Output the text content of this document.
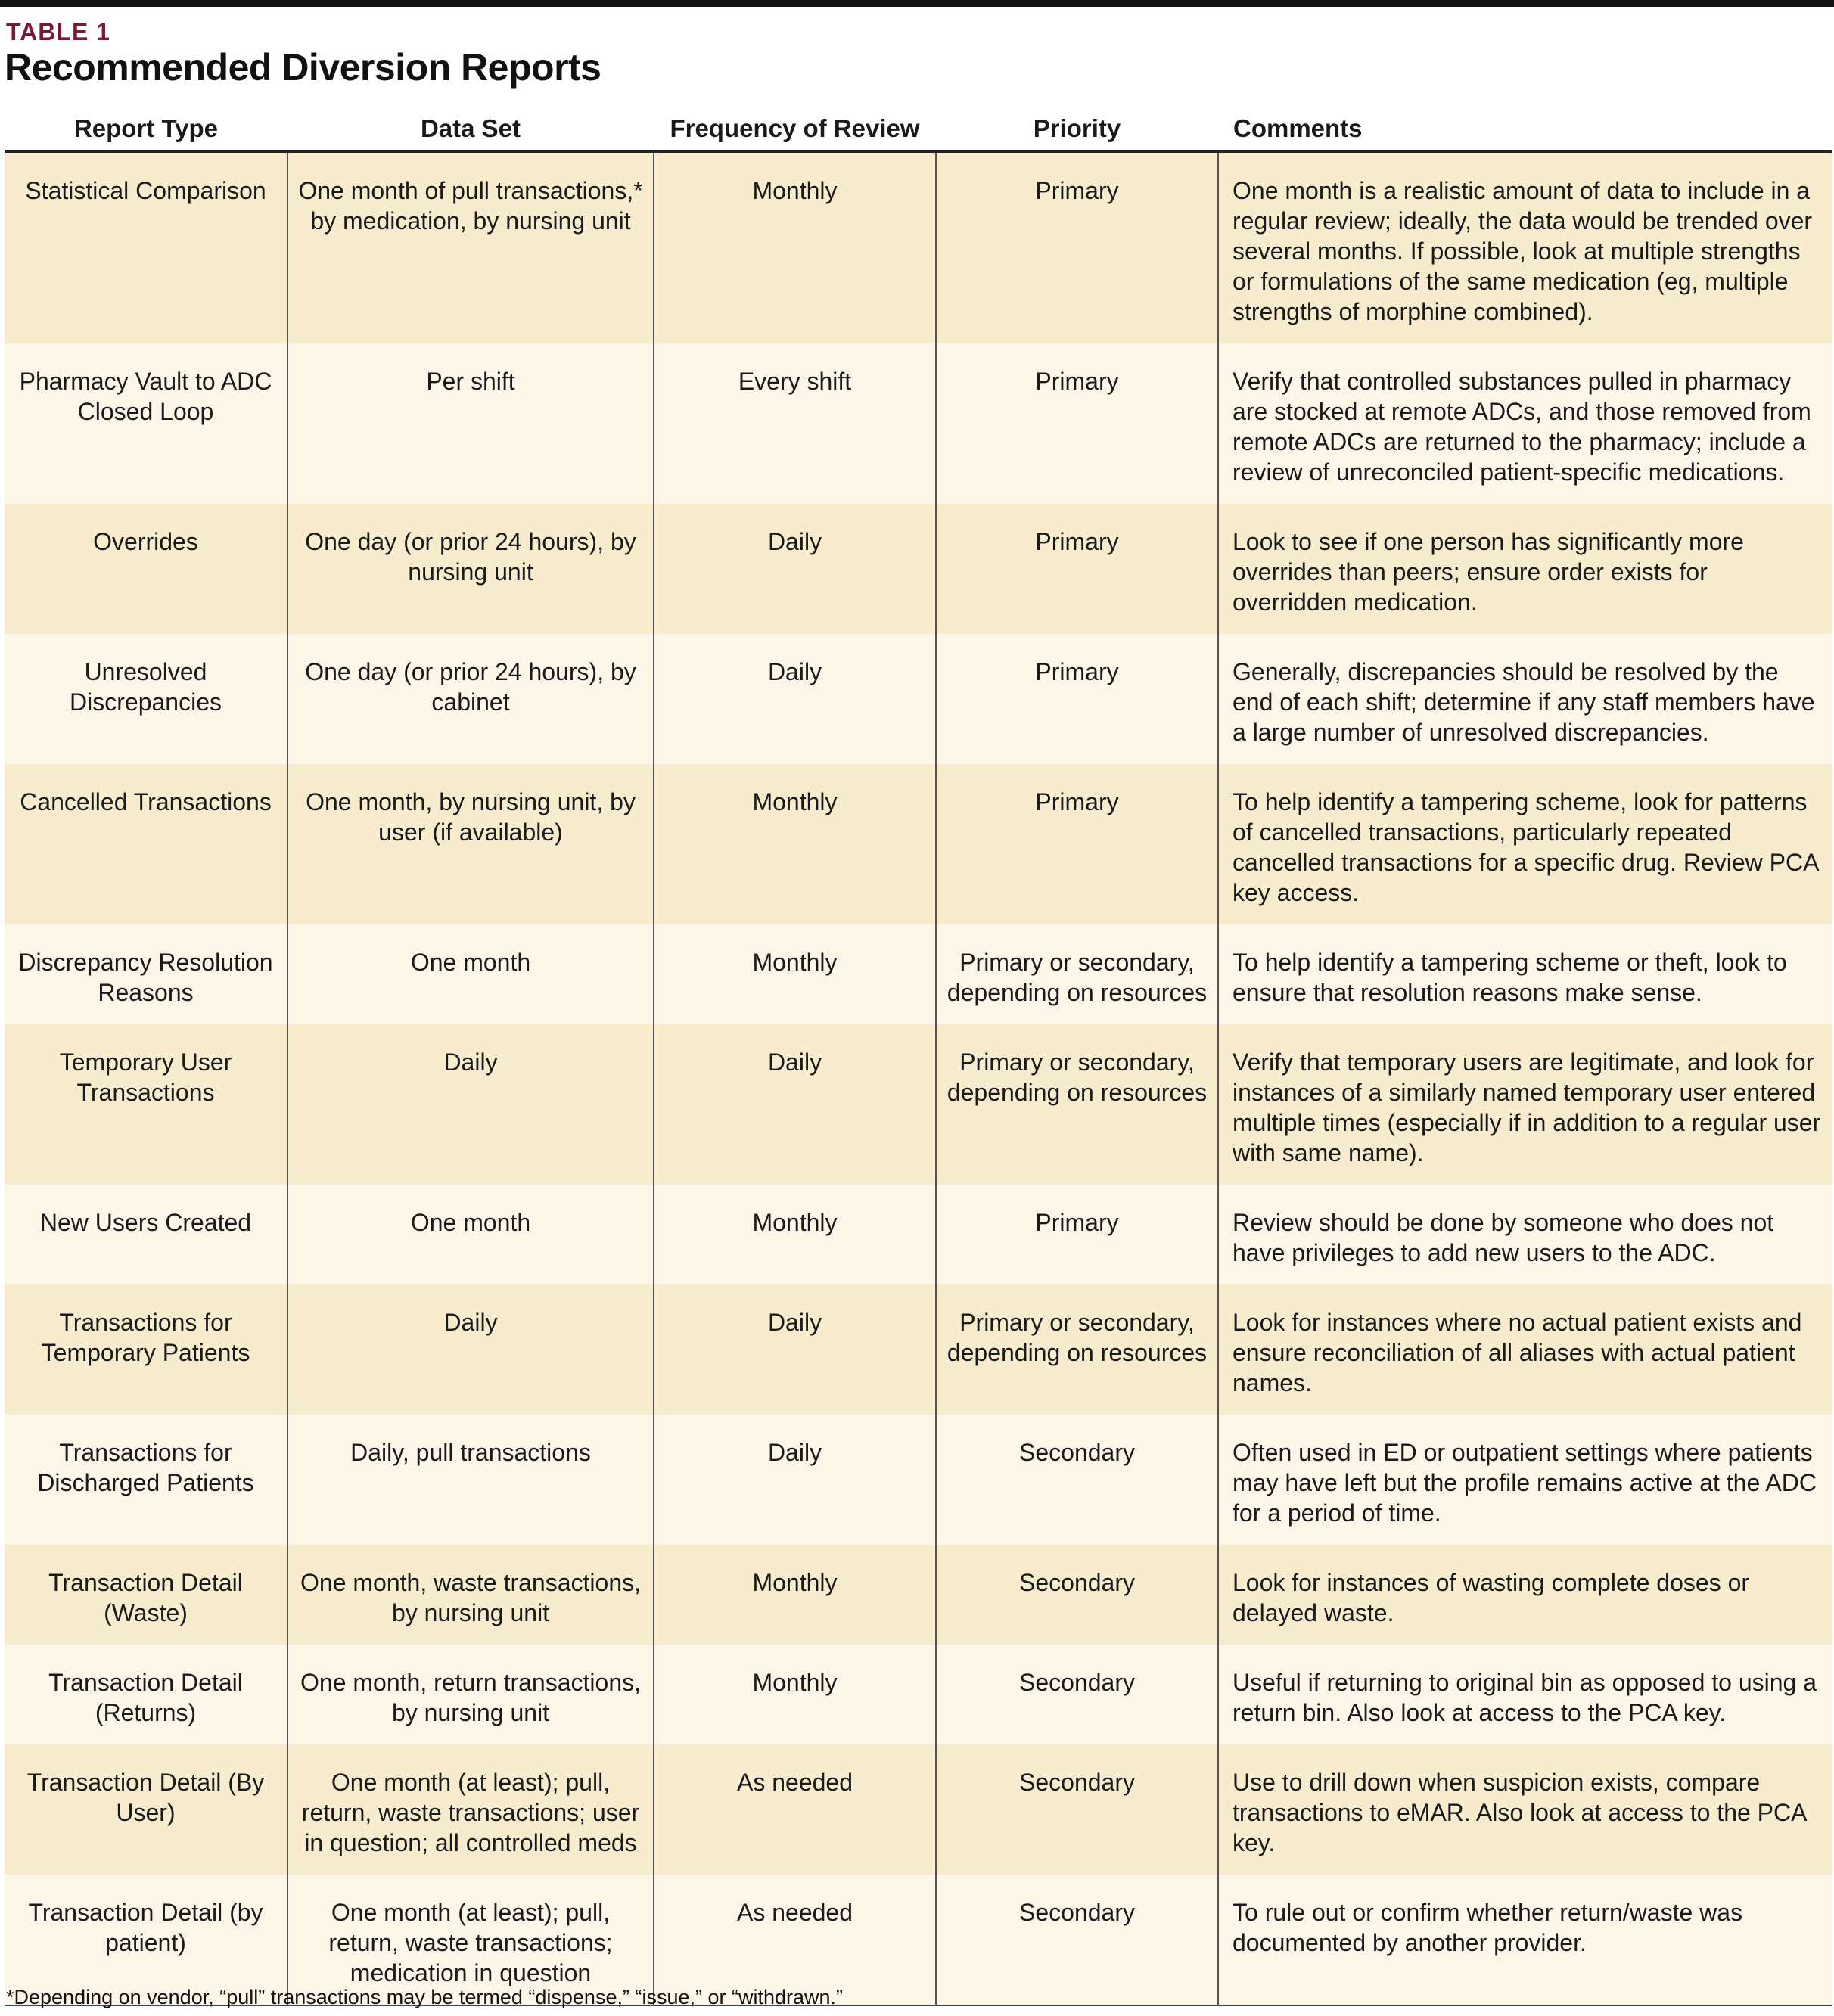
TABLE 1
Recommended Diversion Reports
Report Type	Data Set	Frequency of Review	Priority	Comments
Statistical Comparison	One month of pull transactions,* by medication, by nursing unit	Monthly	Primary	One month is a realistic amount of data to include in a regular review; ideally, the data would be trended over several months. If possible, look at multiple strengths or formulations of the same medication (eg, multiple strengths of morphine combined).
Pharmacy Vault to ADC Closed Loop	Per shift	Every shift	Primary	Verify that controlled substances pulled in pharmacy are stocked at remote ADCs, and those removed from remote ADCs are returned to the pharmacy; include a review of unreconciled patient-specific medications.
Overrides	One day (or prior 24 hours), by nursing unit	Daily	Primary	Look to see if one person has significantly more overrides than peers; ensure order exists for overridden medication.
Unresolved Discrepancies	One day (or prior 24 hours), by cabinet	Daily	Primary	Generally, discrepancies should be resolved by the end of each shift; determine if any staff members have a large number of unresolved discrepancies.
Cancelled Transactions	One month, by nursing unit, by user (if available)	Monthly	Primary	To help identify a tampering scheme, look for patterns of cancelled transactions, particularly repeated cancelled transactions for a specific drug. Review PCA key access.
Discrepancy Resolution Reasons	One month	Monthly	Primary or secondary, depending on resources	To help identify a tampering scheme or theft, look to ensure that resolution reasons make sense.
Temporary User Transactions	Daily	Daily	Primary or secondary, depending on resources	Verify that temporary users are legitimate, and look for instances of a similarly named temporary user entered multiple times (especially if in addition to a regular user with same name).
New Users Created	One month	Monthly	Primary	Review should be done by someone who does not have privileges to add new users to the ADC.
Transactions for Temporary Patients	Daily	Daily	Primary or secondary, depending on resources	Look for instances where no actual patient exists and ensure reconciliation of all aliases with actual patient names.
Transactions for Discharged Patients	Daily, pull transactions	Daily	Secondary	Often used in ED or outpatient settings where patients may have left but the profile remains active at the ADC for a period of time.
Transaction Detail (Waste)	One month, waste transactions, by nursing unit	Monthly	Secondary	Look for instances of wasting complete doses or delayed waste.
Transaction Detail (Returns)	One month, return transactions, by nursing unit	Monthly	Secondary	Useful if returning to original bin as opposed to using a return bin. Also look at access to the PCA key.
Transaction Detail (By User)	One month (at least); pull, return, waste transactions; user in question; all controlled meds	As needed	Secondary	Use to drill down when suspicion exists, compare transactions to eMAR. Also look at access to the PCA key.
Transaction Detail (by patient)	One month (at least); pull, return, waste transactions; medication in question	As needed	Secondary	To rule out or confirm whether return/waste was documented by another provider.
*Depending on vendor, “pull” transactions may be termed “dispense,” “issue,” or “withdrawn.”
